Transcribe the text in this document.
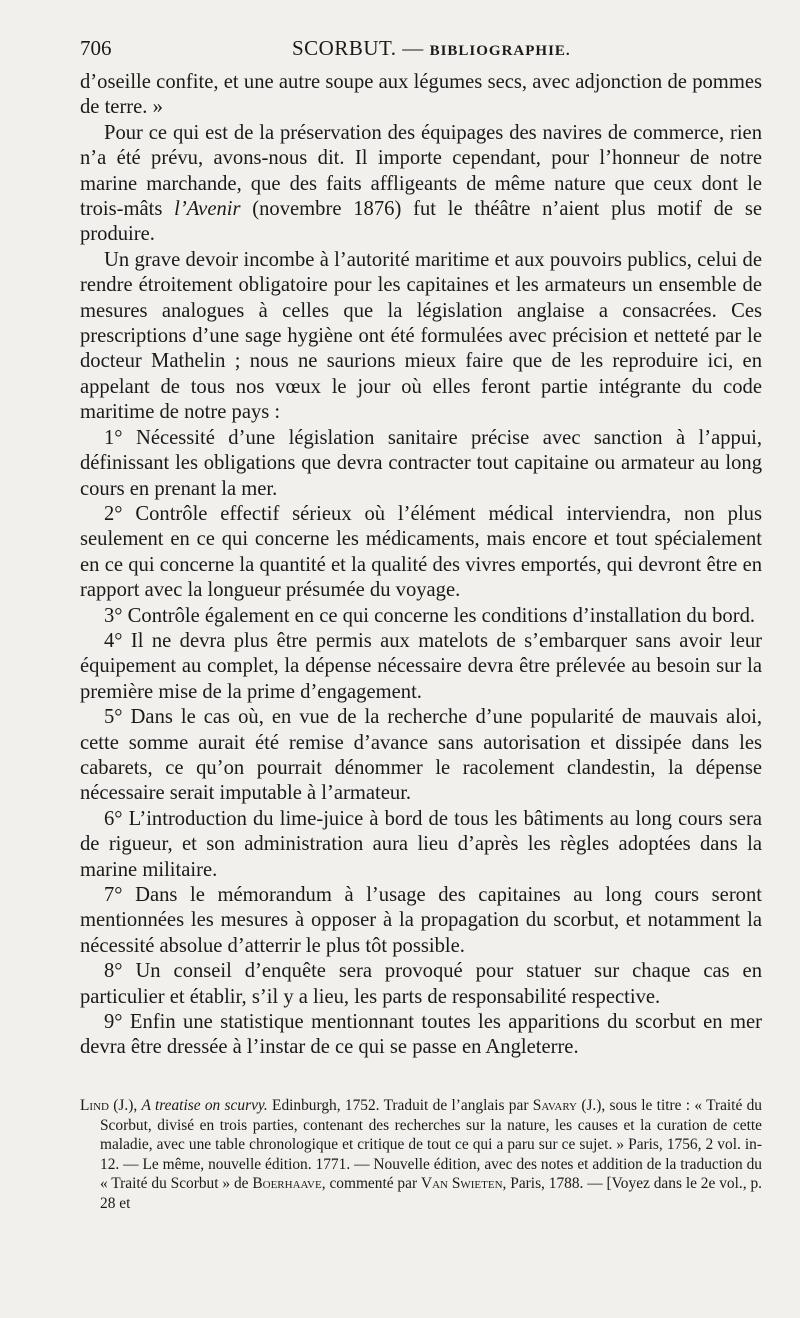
706	SCORBUT. — BIBLIOGRAPHIE.

d’oseille confite, et une autre soupe aux légumes secs, avec adjonction de pommes de terre. »

Pour ce qui est de la préservation des équipages des navires de commerce, rien n’a été prévu, avons-nous dit. Il importe cependant, pour l’honneur de notre marine marchande, que des faits affligeants de même nature que ceux dont le trois-mâts l’Avenir (novembre 1876) fut le théâtre n’aient plus motif de se produire.

Un grave devoir incombe à l’autorité maritime et aux pouvoirs publics, celui de rendre étroitement obligatoire pour les capitaines et les armateurs un ensemble de mesures analogues à celles que la législation anglaise a consacrées. Ces prescriptions d’une sage hygiène ont été formulées avec précision et netteté par le docteur Mathelin ; nous ne saurions mieux faire que de les reproduire ici, en appelant de tous nos vœux le jour où elles feront partie intégrante du code maritime de notre pays :

1° Nécessité d’une législation sanitaire précise avec sanction à l’appui, définissant les obligations que devra contracter tout capitaine ou armateur au long cours en prenant la mer.

2° Contrôle effectif sérieux où l’élément médical interviendra, non plus seulement en ce qui concerne les médicaments, mais encore et tout spécialement en ce qui concerne la quantité et la qualité des vivres emportés, qui devront être en rapport avec la longueur présumée du voyage.

3° Contrôle également en ce qui concerne les conditions d’installation du bord.

4° Il ne devra plus être permis aux matelots de s’embarquer sans avoir leur équipement au complet, la dépense nécessaire devra être prélevée au besoin sur la première mise de la prime d’engagement.

5° Dans le cas où, en vue de la recherche d’une popularité de mauvais aloi, cette somme aurait été remise d’avance sans autorisation et dissipée dans les cabarets, ce qu’on pourrait dénommer le racolement clandestin, la dépense nécessaire serait imputable à l’armateur.

6° L’introduction du lime-juice à bord de tous les bâtiments au long cours sera de rigueur, et son administration aura lieu d’après les règles adoptées dans la marine militaire.

7° Dans le mémorandum à l’usage des capitaines au long cours seront mentionnées les mesures à opposer à la propagation du scorbut, et notamment la nécessité absolue d’atterrir le plus tôt possible.

8° Un conseil d’enquête sera provoqué pour statuer sur chaque cas en particulier et établir, s’il y a lieu, les parts de responsabilité respective.

9° Enfin une statistique mentionnant toutes les apparitions du scorbut en mer devra être dressée à l’instar de ce qui se passe en Angleterre.

Lind (J.), A treatise on scurvy. Edinburgh, 1752. Traduit de l’anglais par Savary (J.), sous le titre : « Traité du Scorbut, divisé en trois parties, contenant des recherches sur la nature, les causes et la curation de cette maladie, avec une table chronologique et critique de tout ce qui a paru sur ce sujet. » Paris, 1756, 2 vol. in-12. — Le même, nouvelle édition. 1771. — Nouvelle édition, avec des notes et addition de la traduction du « Traité du Scorbut » de Boerhaave, commenté par Van Swieten, Paris, 1788. — [Voyez dans le 2e vol., p. 28 et
